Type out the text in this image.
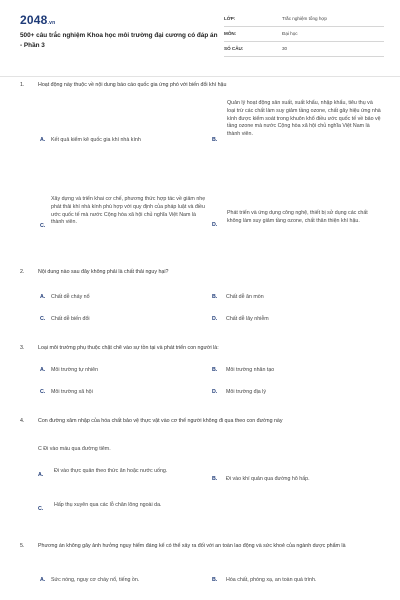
2048.vn
500+ câu trắc nghiệm Khoa học môi trường đại cương có đáp án - Phần 3
LỚP:	Trắc nghiệm tổng hợp
MÔN:	Đại học
SỐ CÂU:	30
1.	Hoạt động này thuộc về nội dung báo cáo quốc gia ứng phó với biến đổi khí hậu
A. Kết quả kiểm kê quốc gia khí nhà kính	B.
Quản lý hoạt động sản xuất, xuất khẩu, nhập khẩu, tiêu thụ và loại trừ các chất làm suy giảm tầng ozone, chất gây hiệu ứng nhà kính được kiểm soát trong khuôn khổ điều ước quốc tế về bảo vệ tầng ozone mà nước Cộng hòa xã hội chủ nghĩa Việt Nam là thành viên.
C.
Xây dựng và triển khai cơ chế, phương thức hợp tác về giảm nhẹ phát thải khí nhà kính phù hợp với quy định của pháp luật và điều ước quốc tế mà nước Cộng hòa xã hội chủ nghĩa Việt Nam là thành viên.	D.
Phát triển và ứng dụng công nghệ, thiết bị sử dụng các chất không làm suy giảm tầng ozone, chất thân thiện khí hậu.
2.	Nội dung nào sau đây không phải là chất thải nguy hại?
A. Chất dễ cháy nổ	B. Chất dễ ăn mòn
C. Chất dễ biến đổi	D. Chất dễ lây nhiễm
3.	Loại môi trường phụ thuộc chặt chẽ vào sự tồn tại và phát triển con người là:
A. Môi trường tự nhiên	B. Môi trường nhân tạo
C. Môi trường xã hội	D. Môi trường địa lý
4.	Con đường xâm nhập của hóa chất bảo vệ thực vật vào cơ thể người không đi qua theo con đường này
C Đi vào máu qua đường tiêm.
A.
Đi vào thực quản theo thức ăn hoặc nước uống.
B. Đi vào khí quản qua đường hô hấp.
C.
Hấp thụ xuyên qua các lỗ chân lông ngoài da.
5.	Phương án không gây ảnh hưởng nguy hiểm đáng kể có thể xảy ra đối với an toàn lao động và sức khoẻ của ngành dược phẩm là
A. Sức nóng, nguy cơ cháy nổ, tiếng ồn.	B. Hóa chất, phóng xạ, an toàn quá trình.
